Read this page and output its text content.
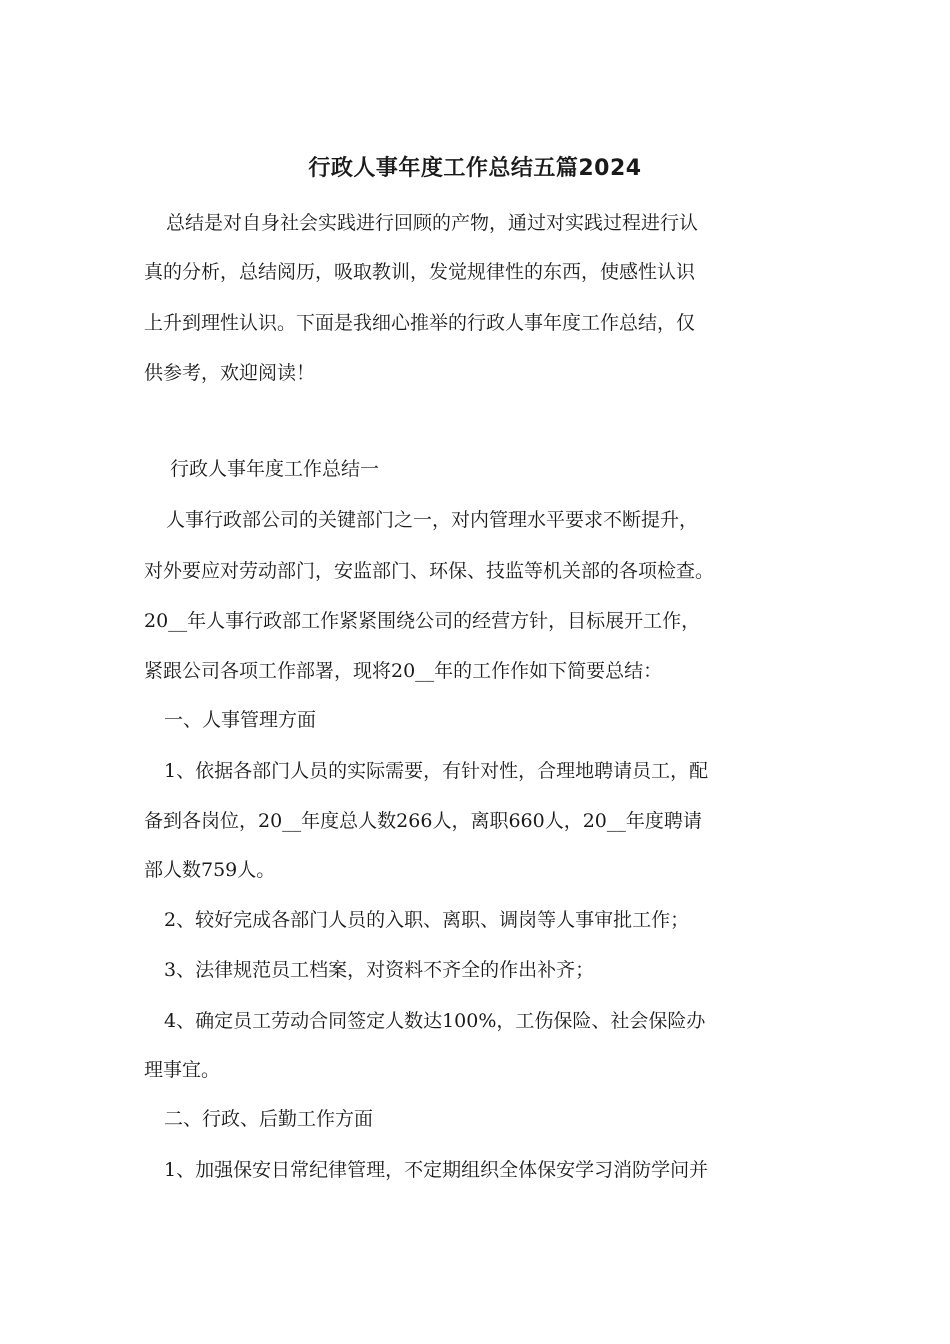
行政人事年度工作总结五篇2024

总结是对自身社会实践进行回顾的产物，通过对实践过程进行认

真的分析，总结阅历，吸取教训，发觉规律性的东西，使感性认识

上升到理性认识。下面是我细心推举的行政人事年度工作总结，仅

供参考，欢迎阅读！

行政人事年度工作总结一

人事行政部公司的关键部门之一，对内管理水平要求不断提升，

对外要应对劳动部门，安监部门、环保、技监等机关部的各项检查。

20__年人事行政部工作紧紧围绕公司的经营方针，目标展开工作，

紧跟公司各项工作部署，现将20__年的工作作如下简要总结：

一、人事管理方面

1、依据各部门人员的实际需要，有针对性，合理地聘请员工，配

备到各岗位，20__年度总人数266人，离职660人，20__年度聘请

部人数759人。

2、较好完成各部门人员的入职、离职、调岗等人事审批工作；

3、法律规范员工档案，对资料不齐全的作出补齐；

4、确定员工劳动合同签定人数达100%，工伤保险、社会保险办

理事宜。

二、行政、后勤工作方面

1、加强保安日常纪律管理，不定期组织全体保安学习消防学问并
